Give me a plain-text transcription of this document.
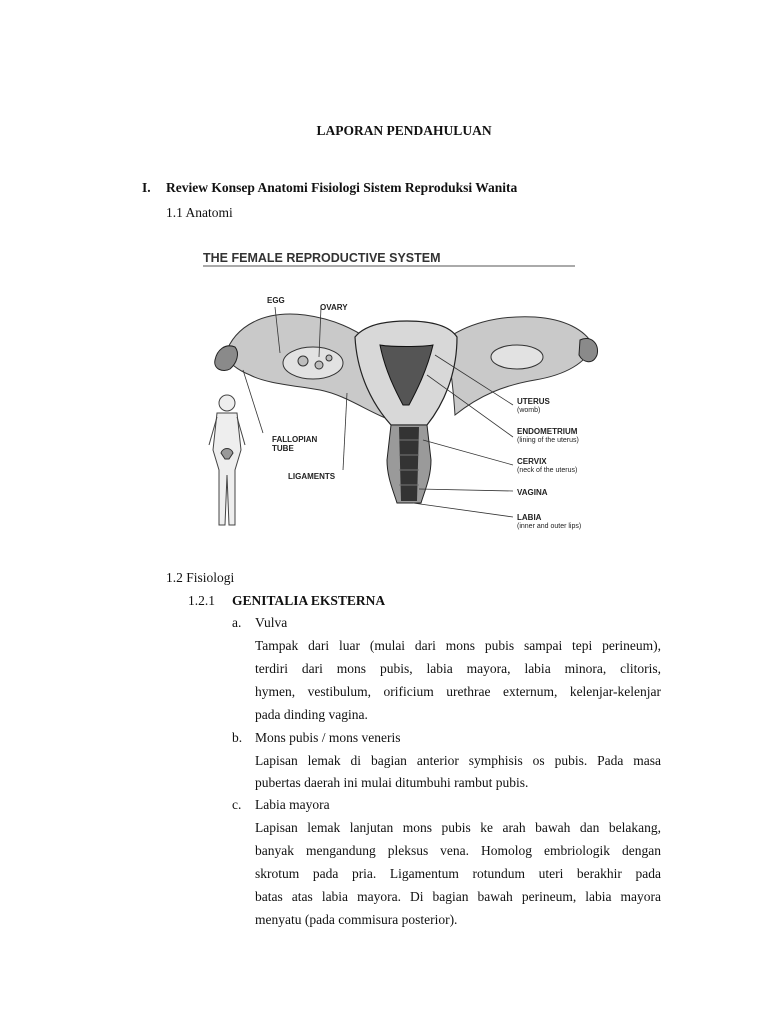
LAPORAN PENDAHULUAN
I. Review Konsep Anatomi Fisiologi Sistem Reproduksi Wanita
1.1 Anatomi
THE FEMALE REPRODUCTIVE SYSTEM
EGG
OVARY
FALLOPIAN
TUBE
LIGAMENTS
UTERUS
(womb)
ENDOMETRIUM
(lining of the uterus)
CERVIX
(neck of the uterus)
VAGINA
LABIA
(inner and outer lips)
1.2 Fisiologi
1.2.1 GENITALIA EKSTERNA
a. Vulva
Tampak dari luar (mulai dari mons pubis sampai tepi perineum),
terdiri dari mons pubis, labia mayora, labia minora, clitoris,
hymen, vestibulum, orificium urethrae externum, kelenjar-kelenjar
pada dinding vagina.
b. Mons pubis / mons veneris
Lapisan lemak di bagian anterior symphisis os pubis. Pada masa
pubertas daerah ini mulai ditumbuhi rambut pubis.
c. Labia mayora
Lapisan lemak lanjutan mons pubis ke arah bawah dan belakang,
banyak mengandung pleksus vena. Homolog embriologik dengan
skrotum pada pria. Ligamentum rotundum uteri berakhir pada
batas atas labia mayora. Di bagian bawah perineum, labia mayora
menyatu (pada commisura posterior).
